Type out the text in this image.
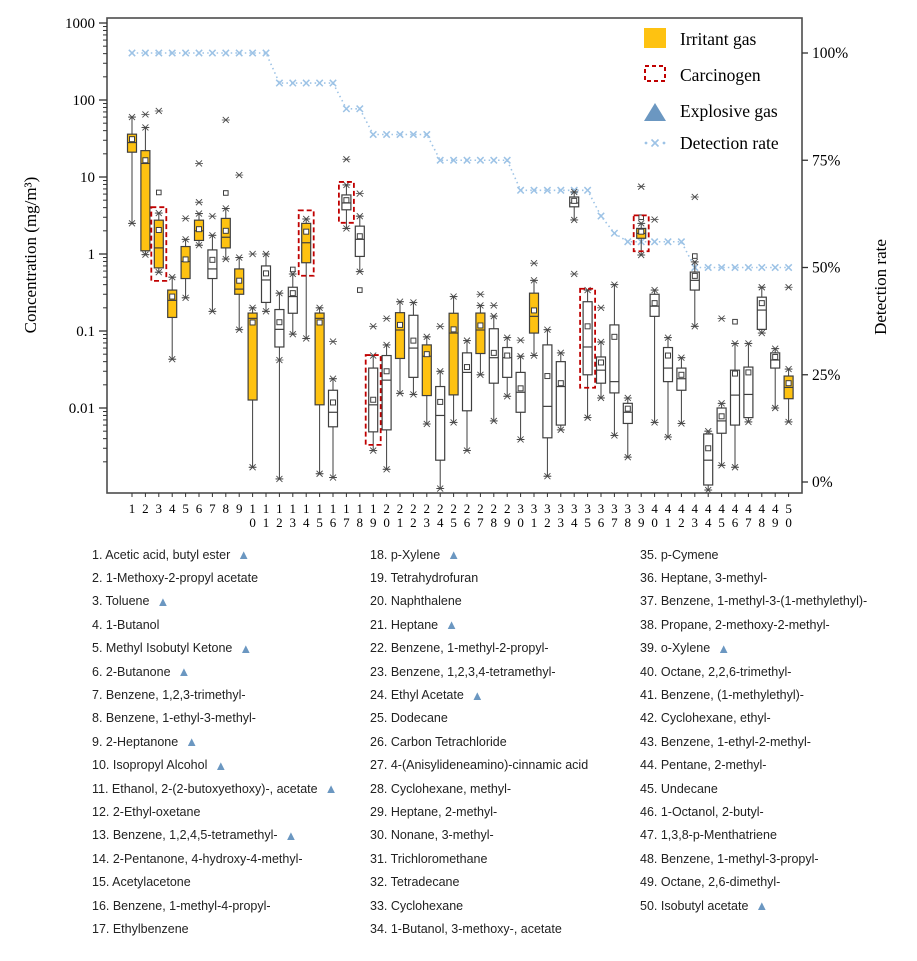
1000
100
10
1
0.1
0.01
Concentration (mg/m³)
100%
75%
50%
25%
0%
Detection rate
1 2 3 4 5 6 7 8 9 1
0
1
1
1
2
1
3
1
4
1
5
1
6
1
7
1
8
1
9
2
0
2
1
2
2
2
3
2
4
2
5
2
6
2
7
2
8
2
9
3
0
3
1
3
2
3
3
3
4
3
5
3
6
3
7
3
8
3
9
4
0
4
1
4
2
4
3
4
4
4
5
4
6
4
7
4
8
4
9
5
0
Irritant gas
Carcinogen
Explosive gas
Detection rate
1. Acetic acid, butyl ester ▲
2. 1-Methoxy-2-propyl acetate
3. Toluene ▲
4. 1-Butanol
5. Methyl Isobutyl Ketone ▲
6. 2-Butanone ▲
7. Benzene, 1,2,3-trimethyl-
8. Benzene, 1-ethyl-3-methyl-
9. 2-Heptanone ▲
10. Isopropyl Alcohol ▲
11. Ethanol, 2-(2-butoxyethoxy)-, acetate ▲
12. 2-Ethyl-oxetane
13. Benzene, 1,2,4,5-tetramethyl- ▲
14. 2-Pentanone, 4-hydroxy-4-methyl-
15. Acetylacetone
16. Benzene, 1-methyl-4-propyl-
17. Ethylbenzene
18. p-Xylene ▲
19. Tetrahydrofuran
20. Naphthalene
21. Heptane ▲
22. Benzene, 1-methyl-2-propyl-
23. Benzene, 1,2,3,4-tetramethyl-
24. Ethyl Acetate ▲
25. Dodecane
26. Carbon Tetrachloride
27. 4-(Anisylideneamino)-cinnamic acid
28. Cyclohexane, methyl-
29. Heptane, 2-methyl-
30. Nonane, 3-methyl-
31. Trichloromethane
32. Tetradecane
33. Cyclohexane
34. 1-Butanol, 3-methoxy-, acetate
35. p-Cymene
36. Heptane, 3-methyl-
37. Benzene, 1-methyl-3-(1-methylethyl)-
38. Propane, 2-methoxy-2-methyl-
39. o-Xylene ▲
40. Octane, 2,2,6-trimethyl-
41. Benzene, (1-methylethyl)-
42. Cyclohexane, ethyl-
43. Benzene, 1-ethyl-2-methyl-
44. Pentane, 2-methyl-
45. Undecane
46. 1-Octanol, 2-butyl-
47. 1,3,8-p-Menthatriene
48. Benzene, 1-methyl-3-propyl-
49. Octane, 2,6-dimethyl-
50. Isobutyl acetate ▲
